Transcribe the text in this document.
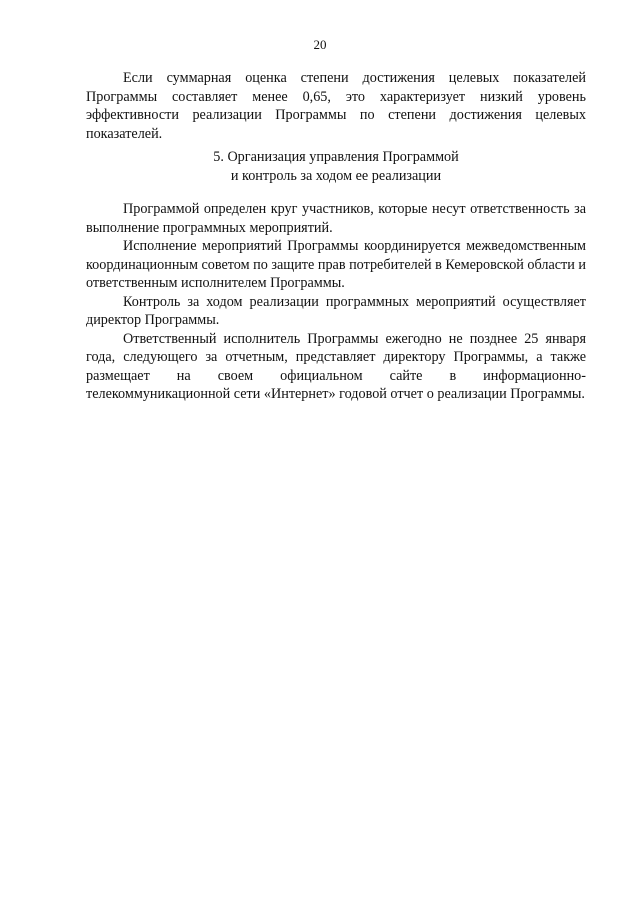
20

Если суммарная оценка степени достижения целевых показателей Программы составляет менее 0,65, это характеризует низкий уровень эффективности реализации Программы по степени достижения целевых показателей.

5. Организация управления Программой
и контроль за ходом ее реализации

Программой определен круг участников, которые несут ответственность за выполнение программных мероприятий.

Исполнение мероприятий Программы координируется межведомственным координационным советом по защите прав потребителей в Кемеровской области и ответственным исполнителем Программы.

Контроль за ходом реализации программных мероприятий осуществляет директор Программы.

Ответственный исполнитель Программы ежегодно не позднее 25 января года, следующего за отчетным, представляет директору Программы, а также размещает на своем официальном сайте в информационно-телекоммуникационной сети «Интернет» годовой отчет о реализации Программы.
